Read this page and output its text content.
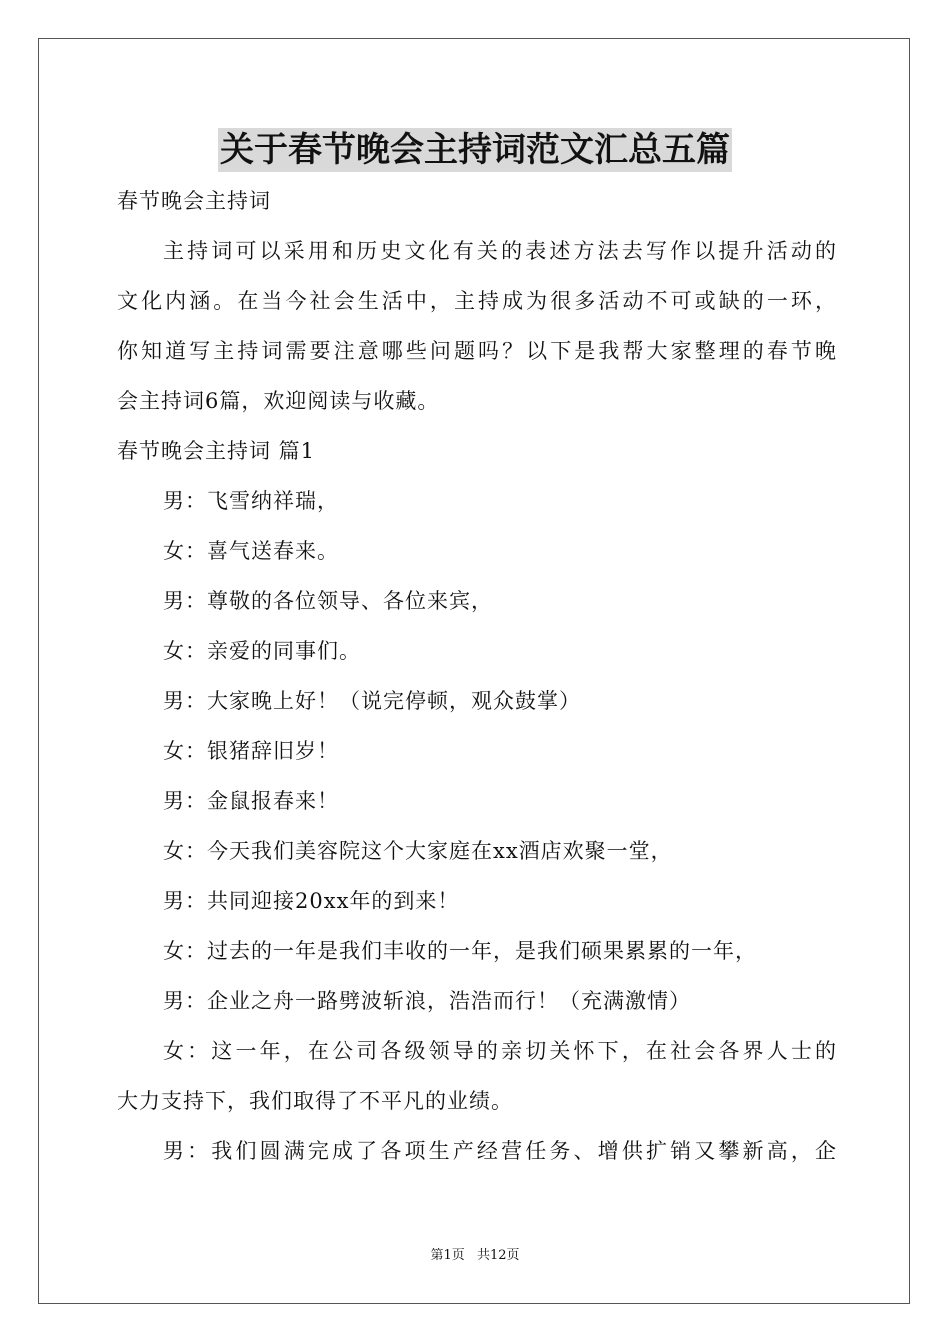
关于春节晚会主持词范文汇总五篇
春节晚会主持词
主持词可以采用和历史文化有关的表述方法去写作以提升活动的
文化内涵。在当今社会生活中，主持成为很多活动不可或缺的一环，
你知道写主持词需要注意哪些问题吗？以下是我帮大家整理的春节晚
会主持词6篇，欢迎阅读与收藏。
春节晚会主持词 篇1
男：飞雪纳祥瑞，
女：喜气送春来。
男：尊敬的各位领导、各位来宾，
女：亲爱的同事们。
男：大家晚上好！（说完停顿，观众鼓掌）
女：银猪辞旧岁！
男：金鼠报春来！
女：今天我们美容院这个大家庭在xx酒店欢聚一堂，
男：共同迎接20xx年的到来！
女：过去的一年是我们丰收的一年，是我们硕果累累的一年，
男：企业之舟一路劈波斩浪，浩浩而行！（充满激情）
女：这一年，在公司各级领导的亲切关怀下，在社会各界人士的
大力支持下，我们取得了不平凡的业绩。
男：我们圆满完成了各项生产经营任务、增供扩销又攀新高，企
第1页 共12页
